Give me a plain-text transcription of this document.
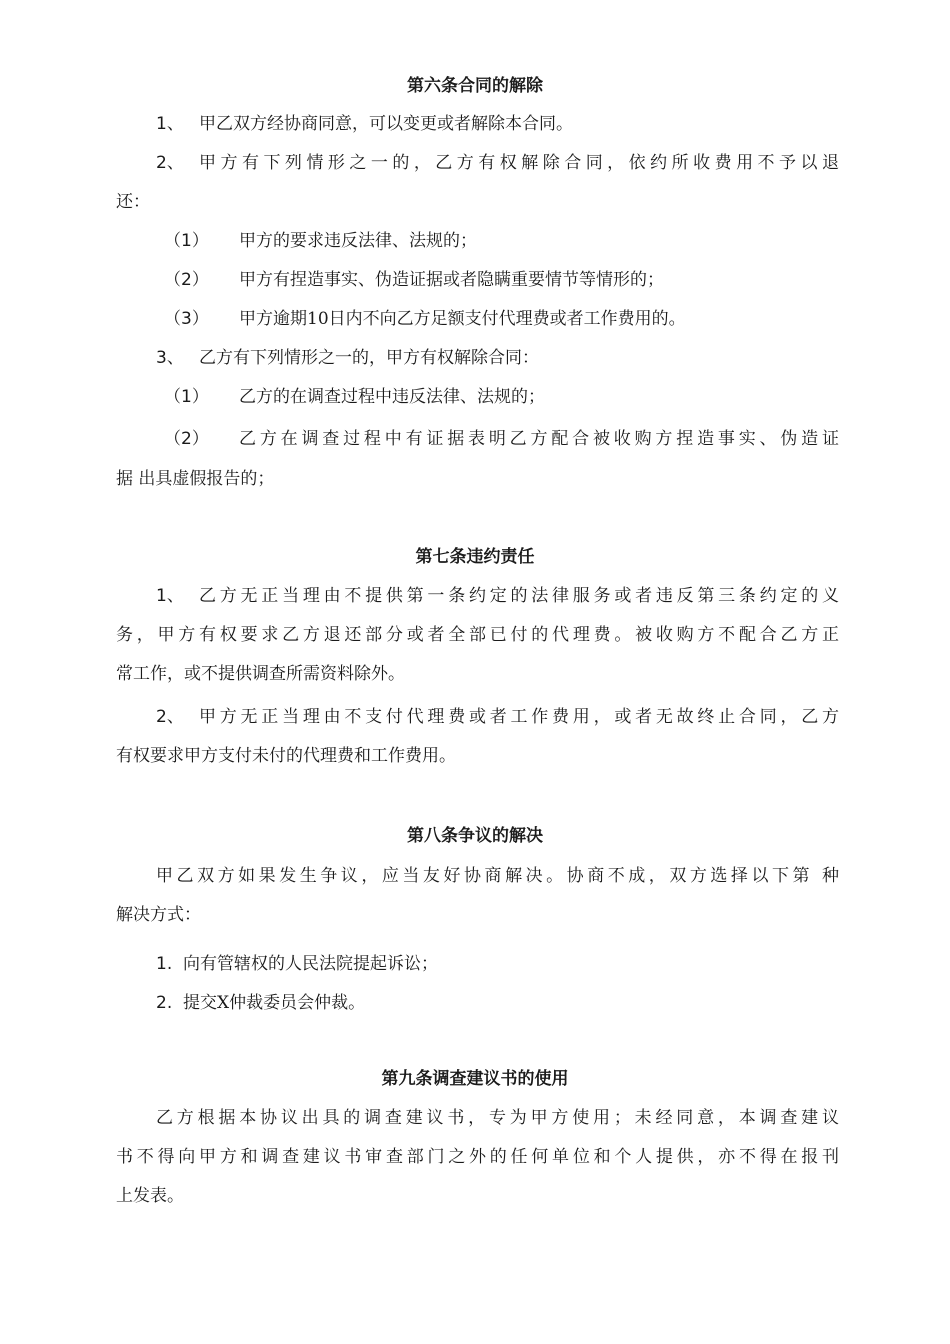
第六条合同的解除
1、 甲乙双方经协商同意，可以变更或者解除本合同。
2、 甲方有下列情形之一的，乙方有权解除合同，依约所收费用不予以退
还：
（1） 甲方的要求违反法律、法规的；
（2） 甲方有捏造事实、伪造证据或者隐瞒重要情节等情形的；
（3） 甲方逾期10日内不向乙方足额支付代理费或者工作费用的。
3、 乙方有下列情形之一的，甲方有权解除合同：
（1） 乙方的在调查过程中违反法律、法规的；
（2） 乙方在调查过程中有证据表明乙方配合被收购方捏造事实、伪造证
据 出具虚假报告的；
第七条违约责任
1、 乙方无正当理由不提供第一条约定的法律服务或者违反第三条约定的义
务，甲方有权要求乙方退还部分或者全部已付的代理费。被收购方不配合乙方正
常工作，或不提供调查所需资料除外。
2、 甲方无正当理由不支付代理费或者工作费用，或者无故终止合同，乙方
有权要求甲方支付未付的代理费和工作费用。
第八条争议的解决
甲乙双方如果发生争议，应当友好协商解决。协商不成，双方选择以下第 种
解决方式：
1. 向有管辖权的人民法院提起诉讼；
2. 提交X仲裁委员会仲裁。
第九条调查建议书的使用
乙方根据本协议出具的调查建议书，专为甲方使用；未经同意，本调查建议
书不得向甲方和调查建议书审查部门之外的任何单位和个人提供，亦不得在报刊
上发表。
